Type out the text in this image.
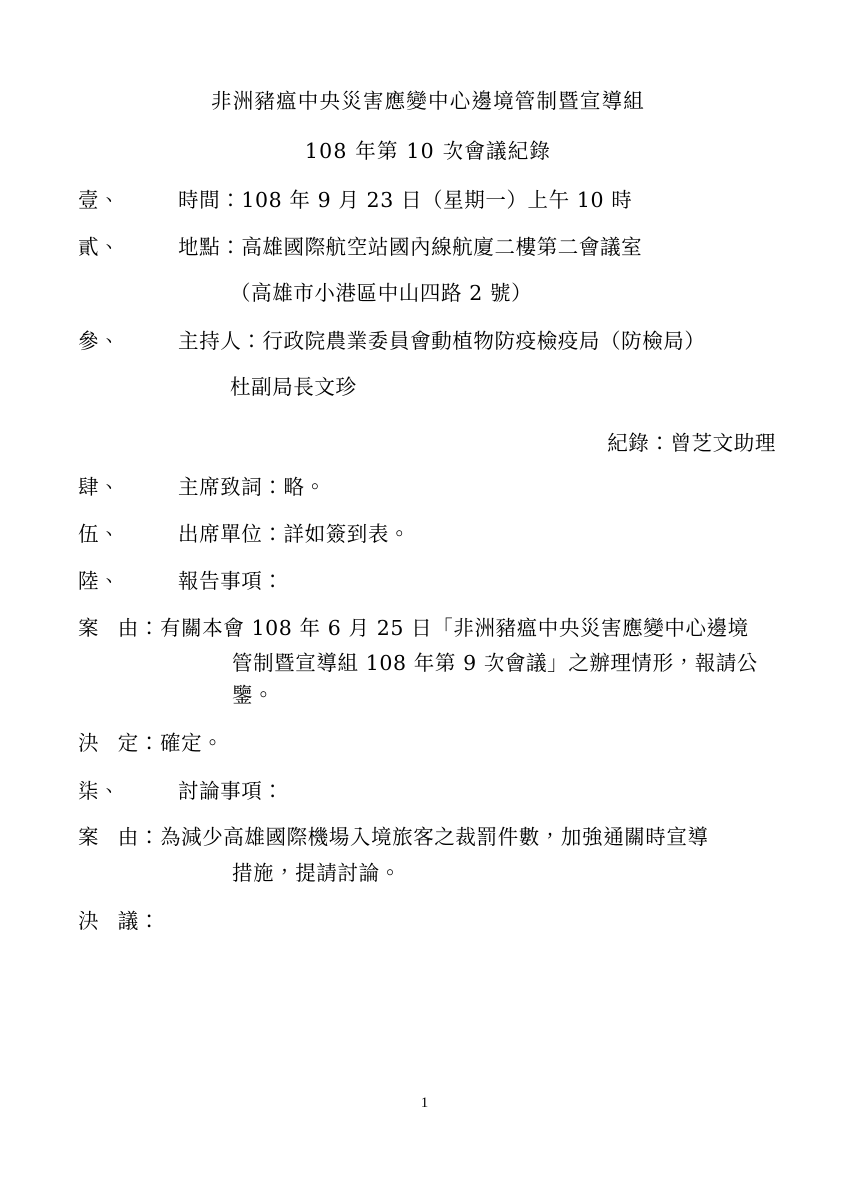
非洲豬瘟中央災害應變中心邊境管制暨宣導組
108 年第 10 次會議紀錄
壹、	時間：108 年 9 月 23 日（星期一）上午 10 時
貳、	地點：高雄國際航空站國內線航廈二樓第二會議室
（高雄市小港區中山四路 2 號）
參、	主持人：行政院農業委員會動植物防疫檢疫局（防檢局）
杜副局長文珍
紀錄：曾芝文助理
肆、	主席致詞：略。
伍、	出席單位：詳如簽到表。
陸、	報告事項：
案 由： 有關本會 108 年 6 月 25 日「非洲豬瘟中央災害應變中心邊境
管制暨宣導組 108 年第 9 次會議」之辦理情形，報請公鑒。
決 定： 確定。
柒、	討論事項：
案 由： 為減少高雄國際機場入境旅客之裁罰件數，加強通關時宣導
措施，提請討論。
決 議：
1
